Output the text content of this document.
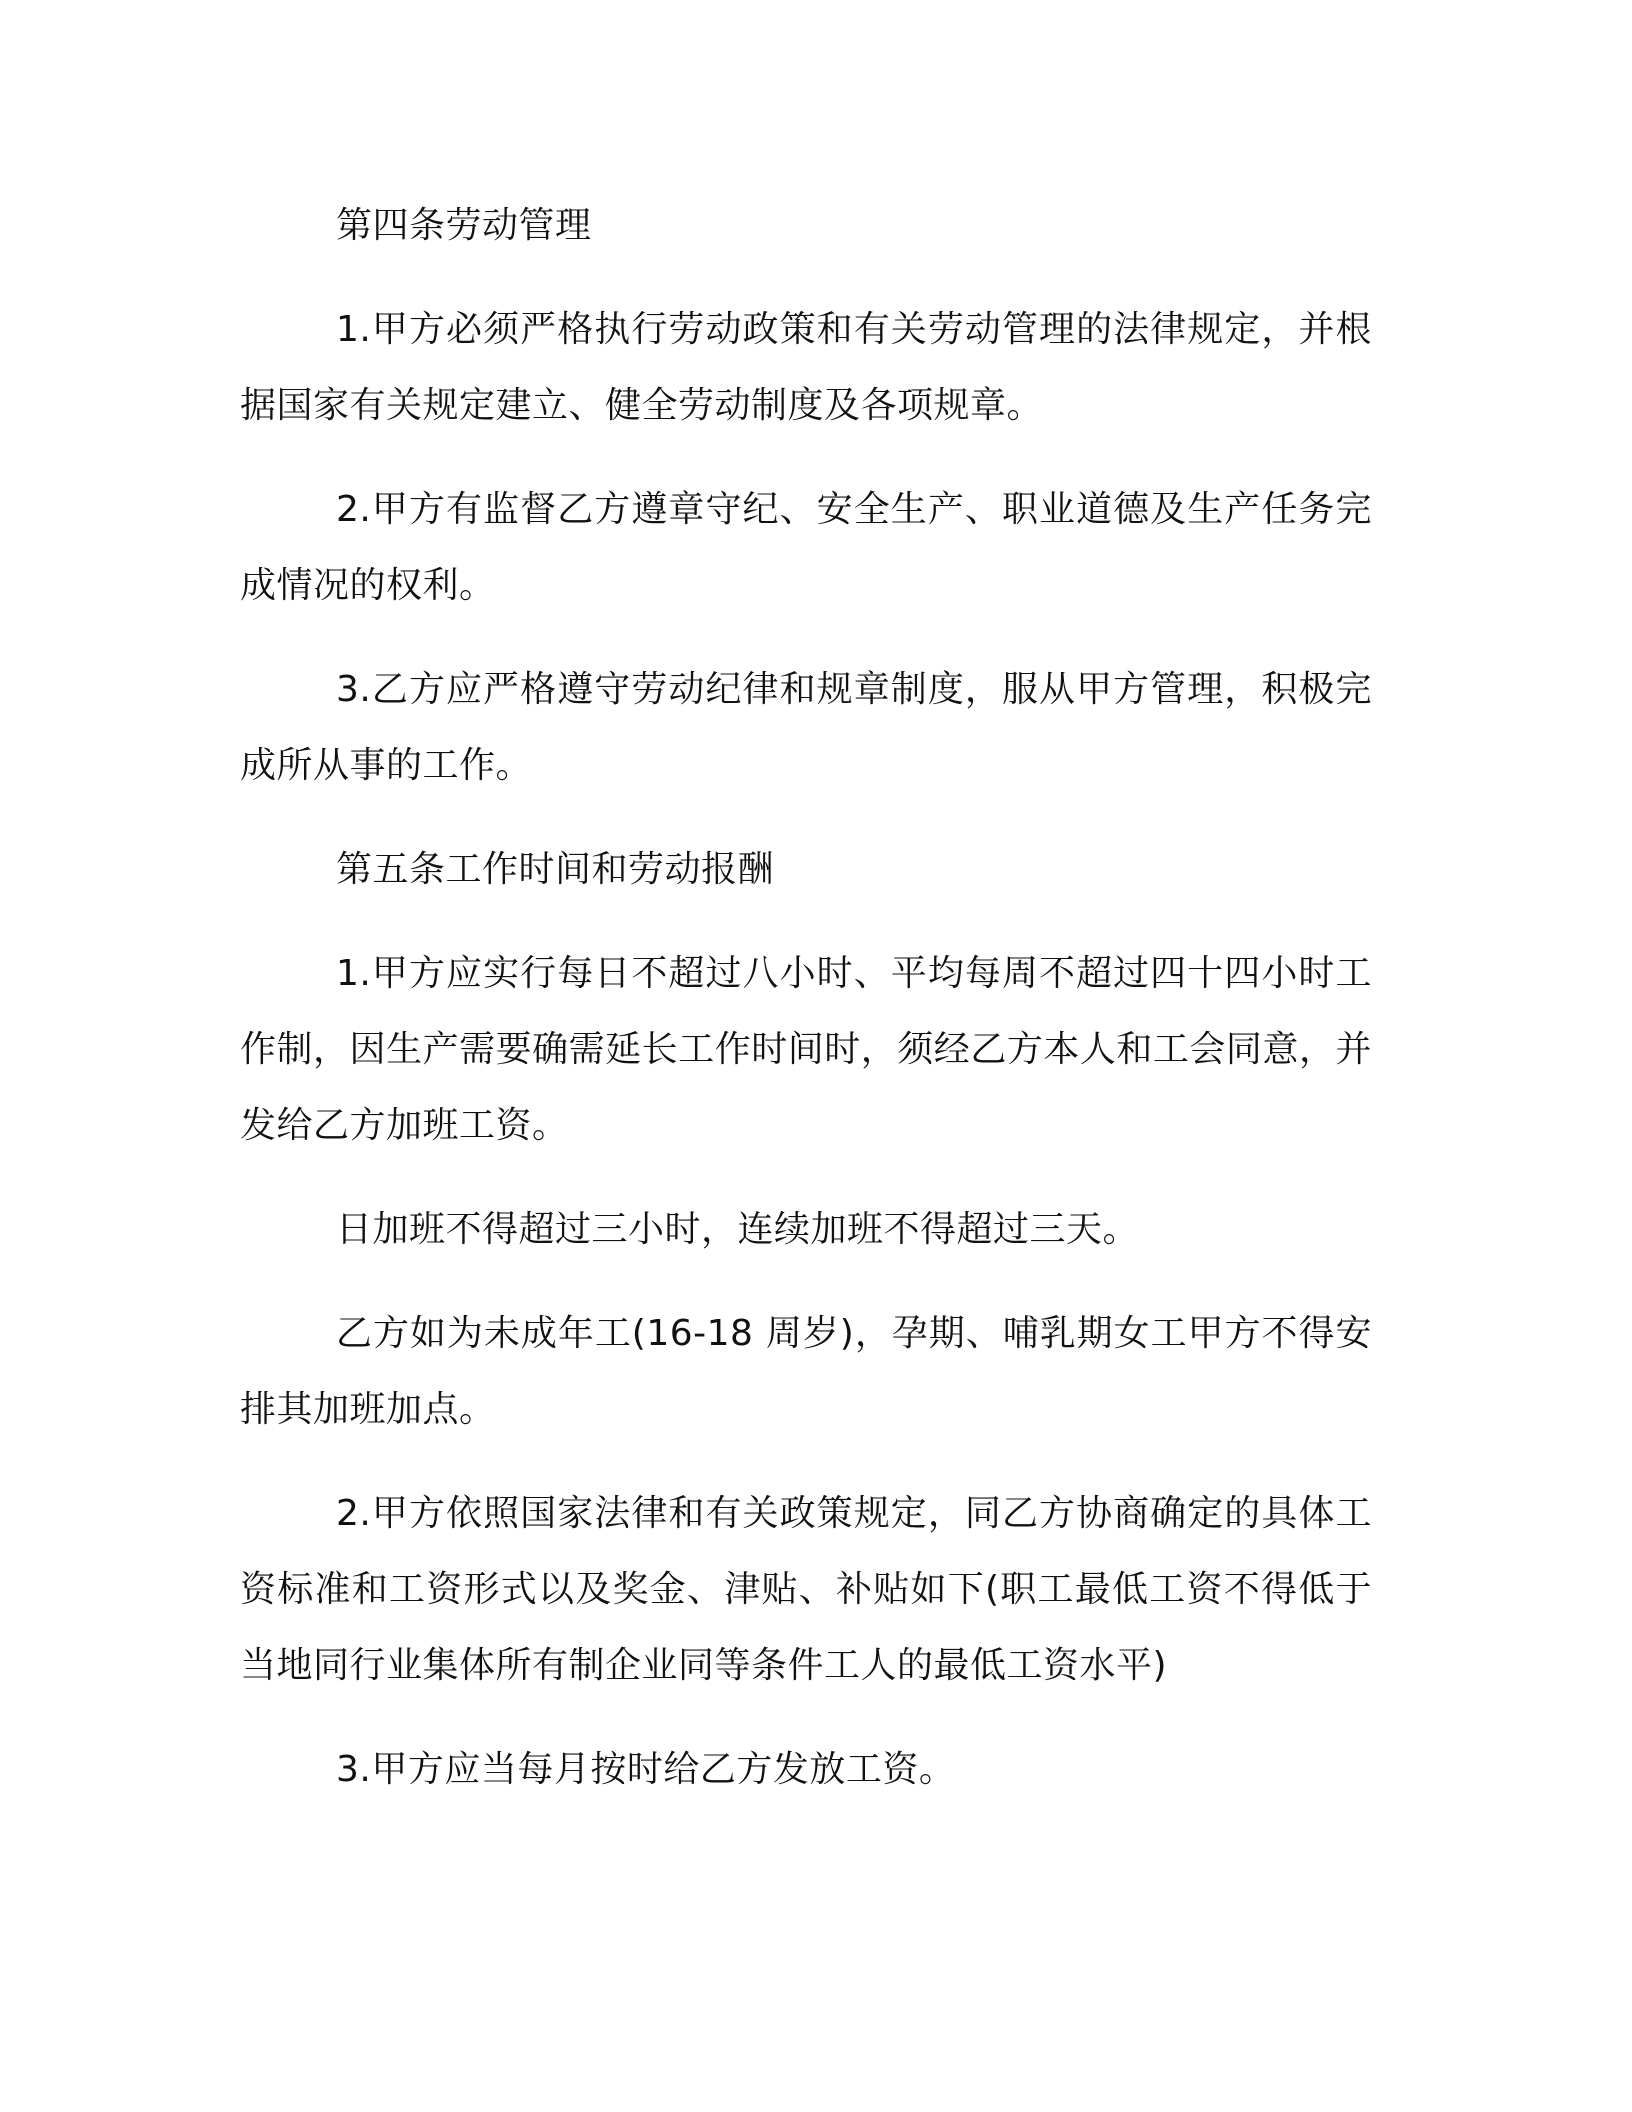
第四条劳动管理

1.甲方必须严格执行劳动政策和有关劳动管理的法律规定，并根据国家有关规定建立、健全劳动制度及各项规章。

2.甲方有监督乙方遵章守纪、安全生产、职业道德及生产任务完成情况的权利。

3.乙方应严格遵守劳动纪律和规章制度，服从甲方管理，积极完成所从事的工作。

第五条工作时间和劳动报酬

1.甲方应实行每日不超过八小时、平均每周不超过四十四小时工作制，因生产需要确需延长工作时间时，须经乙方本人和工会同意，并发给乙方加班工资。

日加班不得超过三小时，连续加班不得超过三天。

乙方如为未成年工(16-18 周岁)，孕期、哺乳期女工甲方不得安排其加班加点。

2.甲方依照国家法律和有关政策规定，同乙方协商确定的具体工资标准和工资形式以及奖金、津贴、补贴如下(职工最低工资不得低于当地同行业集体所有制企业同等条件工人的最低工资水平)

3.甲方应当每月按时给乙方发放工资。
